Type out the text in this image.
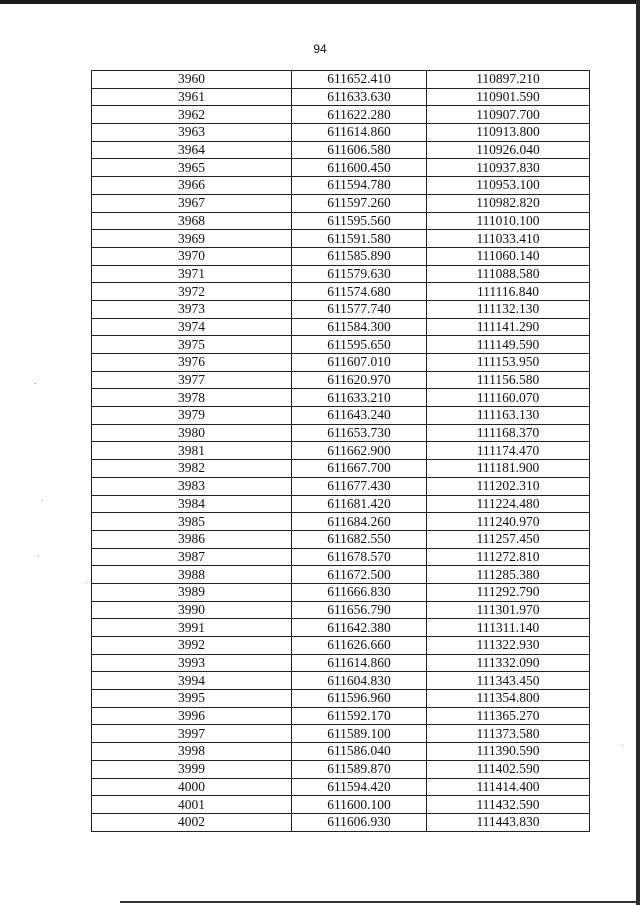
94
3960	611652.410	110897.210
3961	611633.630	110901.590
3962	611622.280	110907.700
3963	611614.860	110913.800
3964	611606.580	110926.040
3965	611600.450	110937.830
3966	611594.780	110953.100
3967	611597.260	110982.820
3968	611595.560	111010.100
3969	611591.580	111033.410
3970	611585.890	111060.140
3971	611579.630	111088.580
3972	611574.680	111116.840
3973	611577.740	111132.130
3974	611584.300	111141.290
3975	611595.650	111149.590
3976	611607.010	111153.950
3977	611620.970	111156.580
3978	611633.210	111160.070
3979	611643.240	111163.130
3980	611653.730	111168.370
3981	611662.900	111174.470
3982	611667.700	111181.900
3983	611677.430	111202.310
3984	611681.420	111224.480
3985	611684.260	111240.970
3986	611682.550	111257.450
3987	611678.570	111272.810
3988	611672.500	111285.380
3989	611666.830	111292.790
3990	611656.790	111301.970
3991	611642.380	111311.140
3992	611626.660	111322.930
3993	611614.860	111332.090
3994	611604.830	111343.450
3995	611596.960	111354.800
3996	611592.170	111365.270
3997	611589.100	111373.580
3998	611586.040	111390.590
3999	611589.870	111402.590
4000	611594.420	111414.400
4001	611600.100	111432.590
4002	611606.930	111443.830
